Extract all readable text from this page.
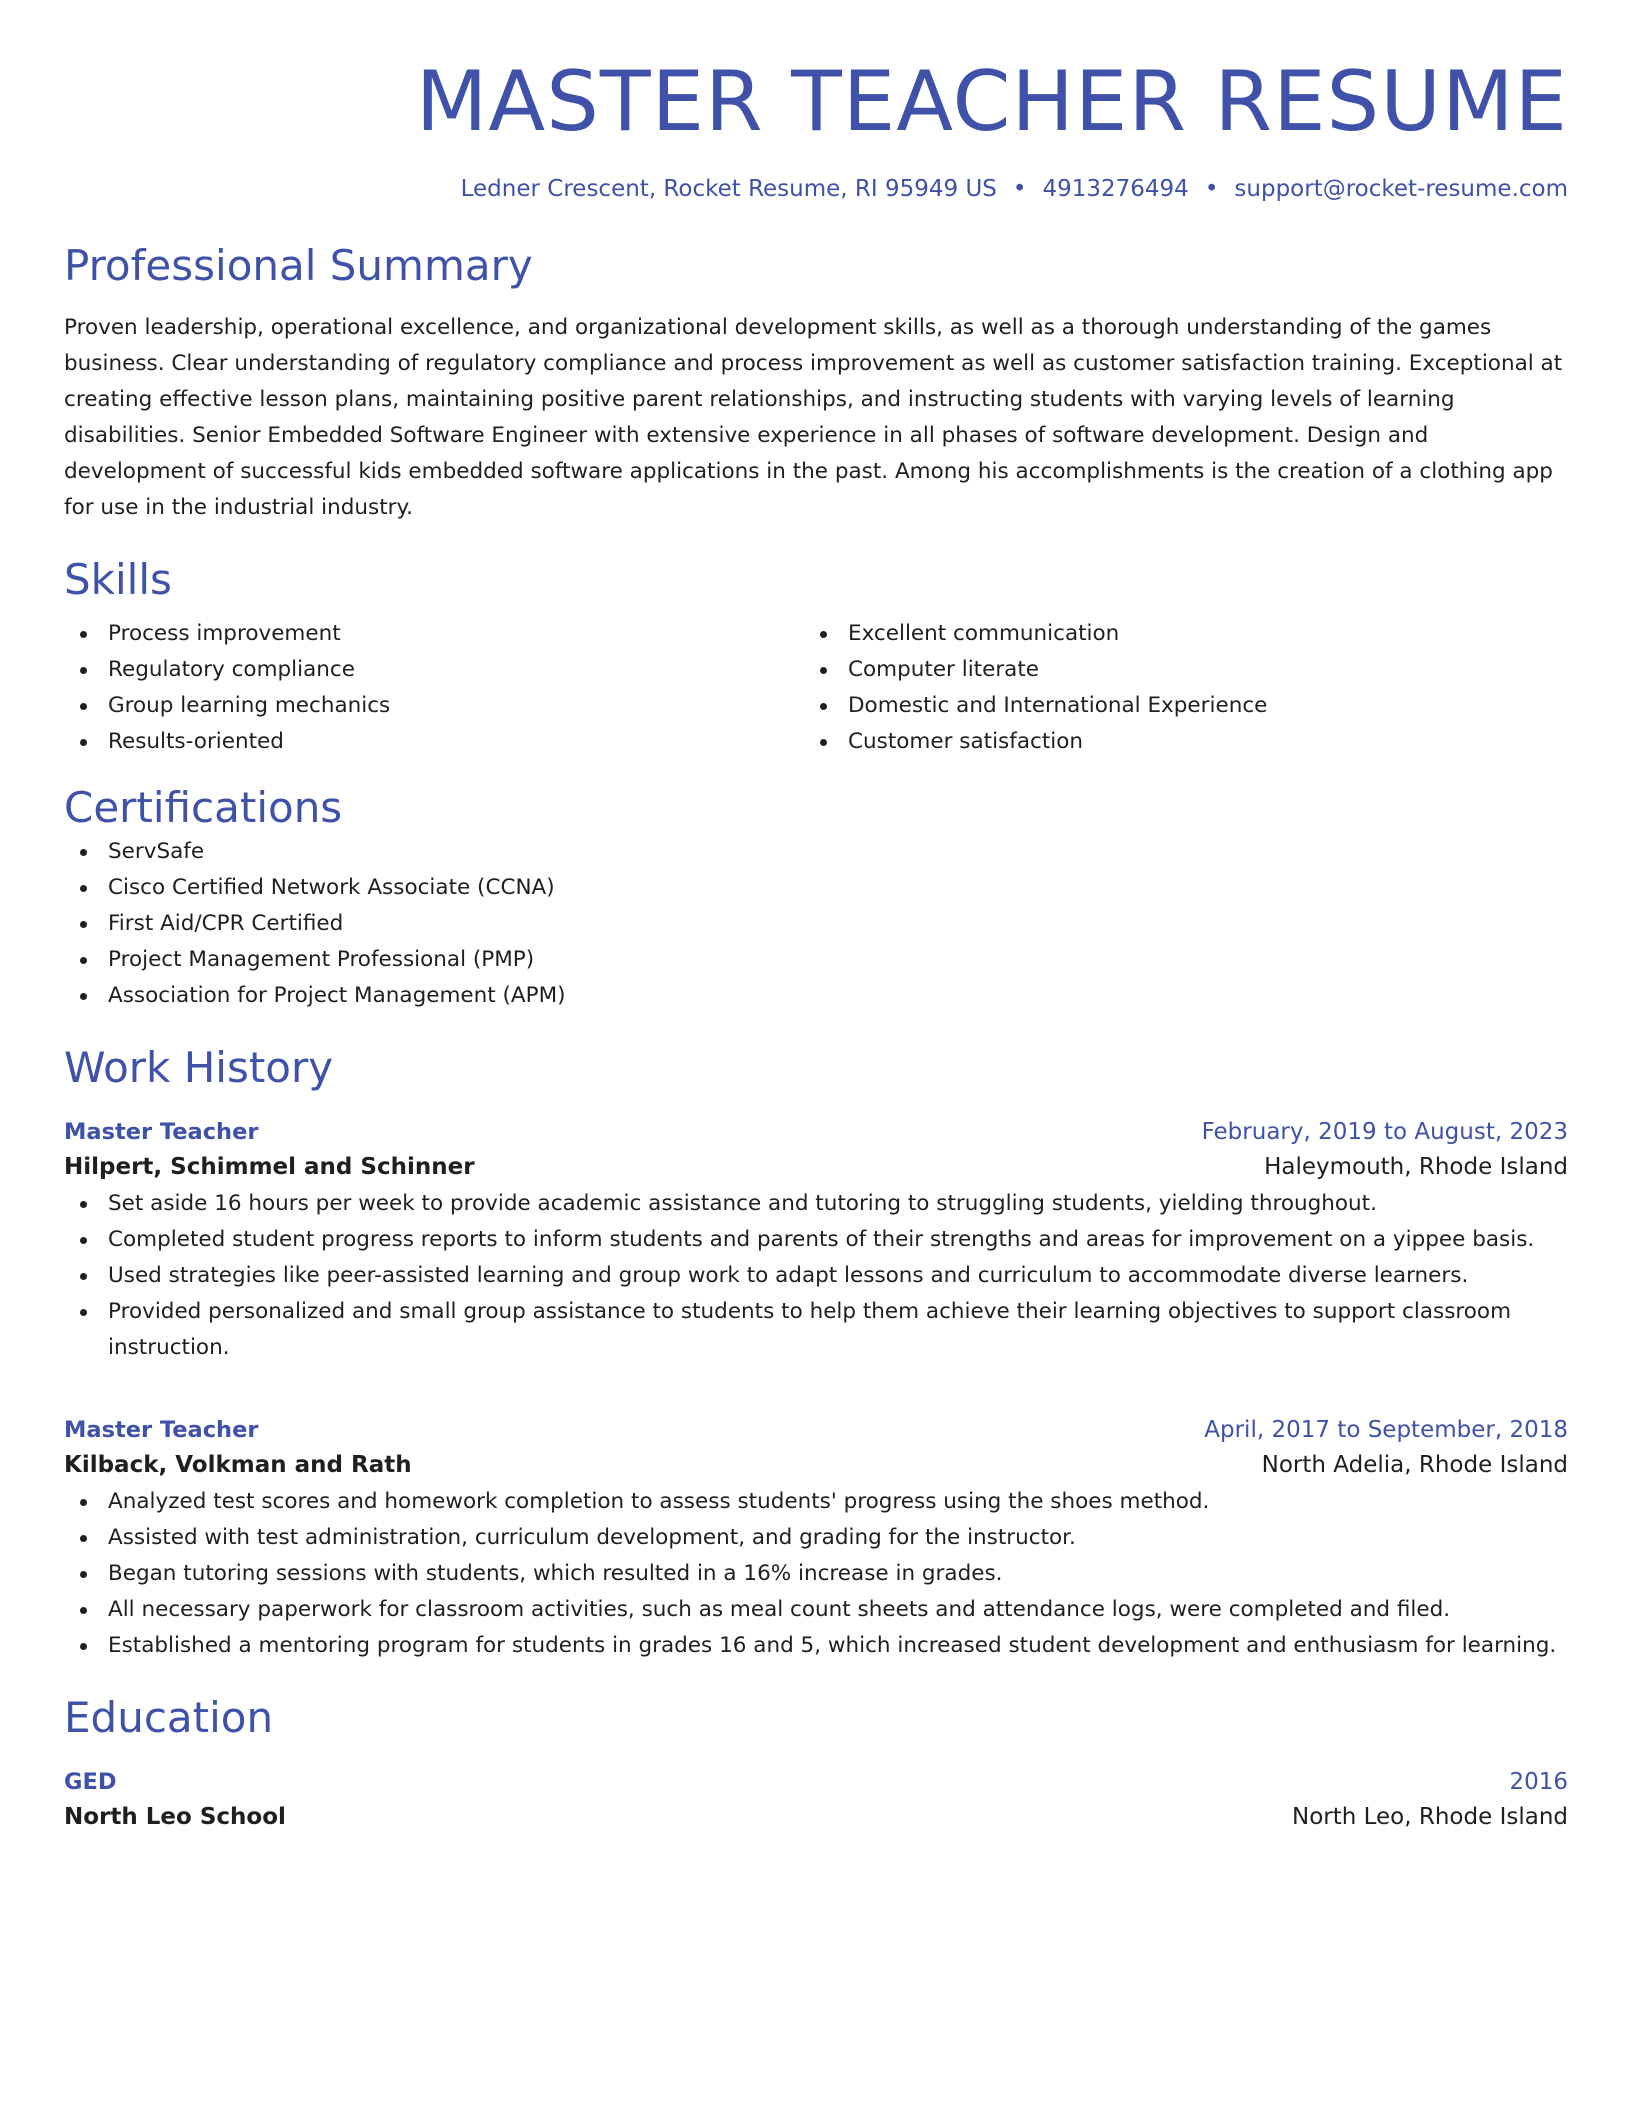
MASTER TEACHER RESUME
Ledner Crescent, Rocket Resume, RI 95949 US • 4913276494 • support@rocket-resume.com
Professional Summary

Proven leadership, operational excellence, and organizational development skills, as well as a thorough understanding of the games business. Clear understanding of regulatory compliance and process improvement as well as customer satisfaction training. Exceptional at creating effective lesson plans, maintaining positive parent relationships, and instructing students with varying levels of learning disabilities. Senior Embedded Software Engineer with extensive experience in all phases of software development. Design and development of successful kids embedded software applications in the past. Among his accomplishments is the creation of a clothing app for use in the industrial industry.

Skills
Process improvement
Regulatory compliance
Group learning mechanics
Results-oriented
Excellent communication
Computer literate
Domestic and International Experience
Customer satisfaction
Certifications
ServSafe
Cisco Certified Network Associate (CCNA)
First Aid/CPR Certified
Project Management Professional (PMP)
Association for Project Management (APM)
Work History
Master Teacher	February, 2019 to August, 2023
Hilpert, Schimmel and Schinner	Haleymouth, Rhode Island
Set aside 16 hours per week to provide academic assistance and tutoring to struggling students, yielding throughout.
Completed student progress reports to inform students and parents of their strengths and areas for improvement on a yippee basis.
Used strategies like peer-assisted learning and group work to adapt lessons and curriculum to accommodate diverse learners.
Provided personalized and small group assistance to students to help them achieve their learning objectives to support classroom instruction.
Master Teacher	April, 2017 to September, 2018
Kilback, Volkman and Rath	North Adelia, Rhode Island
Analyzed test scores and homework completion to assess students' progress using the shoes method.
Assisted with test administration, curriculum development, and grading for the instructor.
Began tutoring sessions with students, which resulted in a 16% increase in grades.
All necessary paperwork for classroom activities, such as meal count sheets and attendance logs, were completed and filed.
Established a mentoring program for students in grades 16 and 5, which increased student development and enthusiasm for learning.
Education
GED	2016
North Leo School	North Leo, Rhode Island
